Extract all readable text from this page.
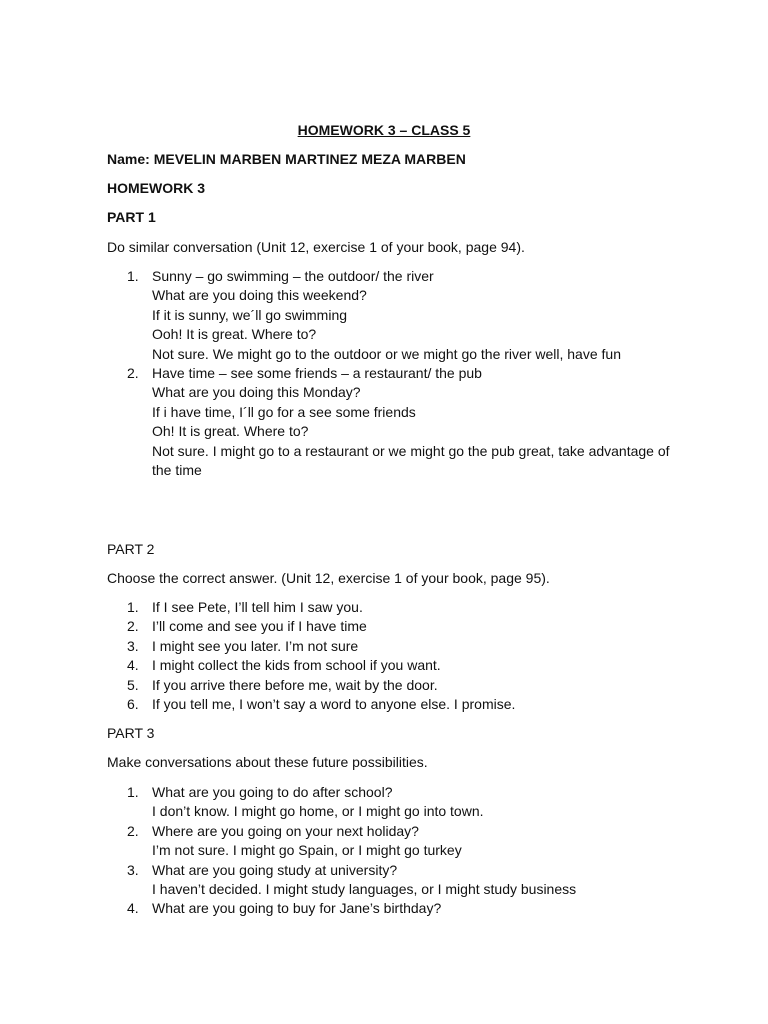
HOMEWORK 3 – CLASS 5
Name: MEVELIN MARBEN MARTINEZ MEZA MARBEN
HOMEWORK 3
PART 1
Do similar conversation (Unit 12, exercise 1 of your book, page 94).
1. Sunny – go swimming – the outdoor/ the river
What are you doing this weekend?
If it is sunny, we´ll go swimming
Ooh! It is great. Where to?
Not sure. We might go to the outdoor or we might go the river well, have fun
2. Have time – see some friends – a restaurant/ the pub
What are you doing this Monday?
If i have time, I´ll go for a see some friends
Oh! It is great. Where to?
Not sure. I might go to a restaurant or we might go the pub great, take advantage of the time
PART 2
Choose the correct answer. (Unit 12, exercise 1 of your book, page 95).
1. If I see Pete, I’ll tell him I saw you.
2. I’ll come and see you if I have time
3. I might see you later. I’m not sure
4. I might collect the kids from school if you want.
5. If you arrive there before me, wait by the door.
6. If you tell me, I won’t say a word to anyone else. I promise.
PART 3
Make conversations about these future possibilities.
1. What are you going to do after school?
I don’t know. I might go home, or I might go into town.
2. Where are you going on your next holiday?
I’m not sure. I might go Spain, or I might go turkey
3. What are you going study at university?
I haven’t decided. I might study languages, or I might study business
4. What are you going to buy for Jane’s birthday?
